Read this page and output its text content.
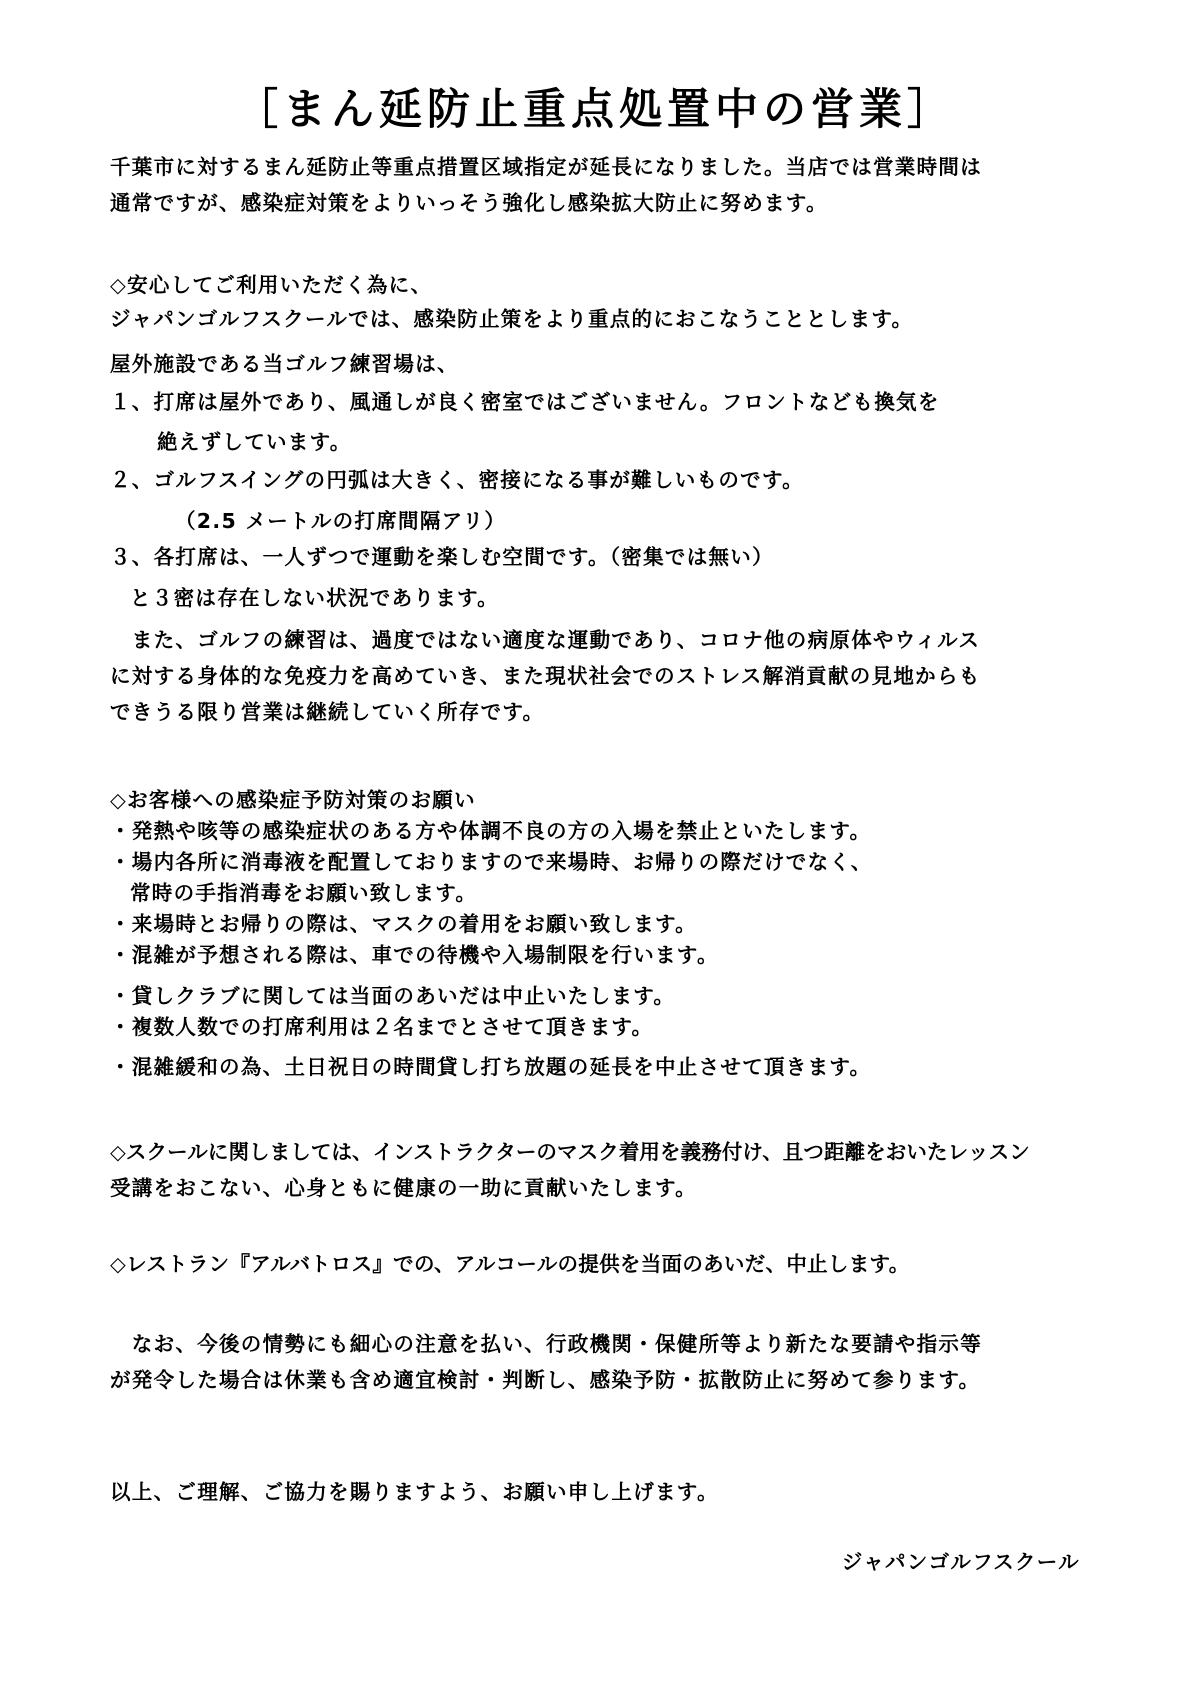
［まん延防止重点処置中の営業］
千葉市に対するまん延防止等重点措置区域指定が延長になりました。当店では営業時間は
通常ですが、感染症対策をよりいっそう強化し感染拡大防止に努めます。
◇安心してご利用いただく為に、
ジャパンゴルフスクールでは、感染防止策をより重点的におこなうこととします。
屋外施設である当ゴルフ練習場は、
１、打席は屋外であり、風通しが良く密室ではございません。フロントなども換気を
絶えずしています。
２、ゴルフスイングの円弧は大きく、密接になる事が難しいものです。
（2.5 メートルの打席間隔アリ）
３、各打席は、一人ずつで運動を楽しむ空間です。（密集では無い）
と３密は存在しない状況であります。
　また、ゴルフの練習は、過度ではない適度な運動であり、コロナ他の病原体やウィルス
に対する身体的な免疫力を高めていき、また現状社会でのストレス解消貢献の見地からも
できうる限り営業は継続していく所存です。
◇お客様への感染症予防対策のお願い
・発熱や咳等の感染症状のある方や体調不良の方の入場を禁止といたします。
・場内各所に消毒液を配置しておりますので来場時、お帰りの際だけでなく、
常時の手指消毒をお願い致します。
・来場時とお帰りの際は、マスクの着用をお願い致します。
・混雑が予想される際は、車での待機や入場制限を行います。
・貸しクラブに関しては当面のあいだは中止いたします。
・複数人数での打席利用は２名までとさせて頂きます。
・混雑緩和の為、土日祝日の時間貸し打ち放題の延長を中止させて頂きます。
◇スクールに関しましては、インストラクターのマスク着用を義務付け、且つ距離をおいたレッスン
受講をおこない、心身ともに健康の一助に貢献いたします。
◇レストラン『アルバトロス』での、アルコールの提供を当面のあいだ、中止します。
　なお、今後の情勢にも細心の注意を払い、行政機関・保健所等より新たな要請や指示等
が発令した場合は休業も含め適宜検討・判断し、感染予防・拡散防止に努めて参ります。
以上、ご理解、ご協力を賜りますよう、お願い申し上げます。
ジャパンゴルフスクール
